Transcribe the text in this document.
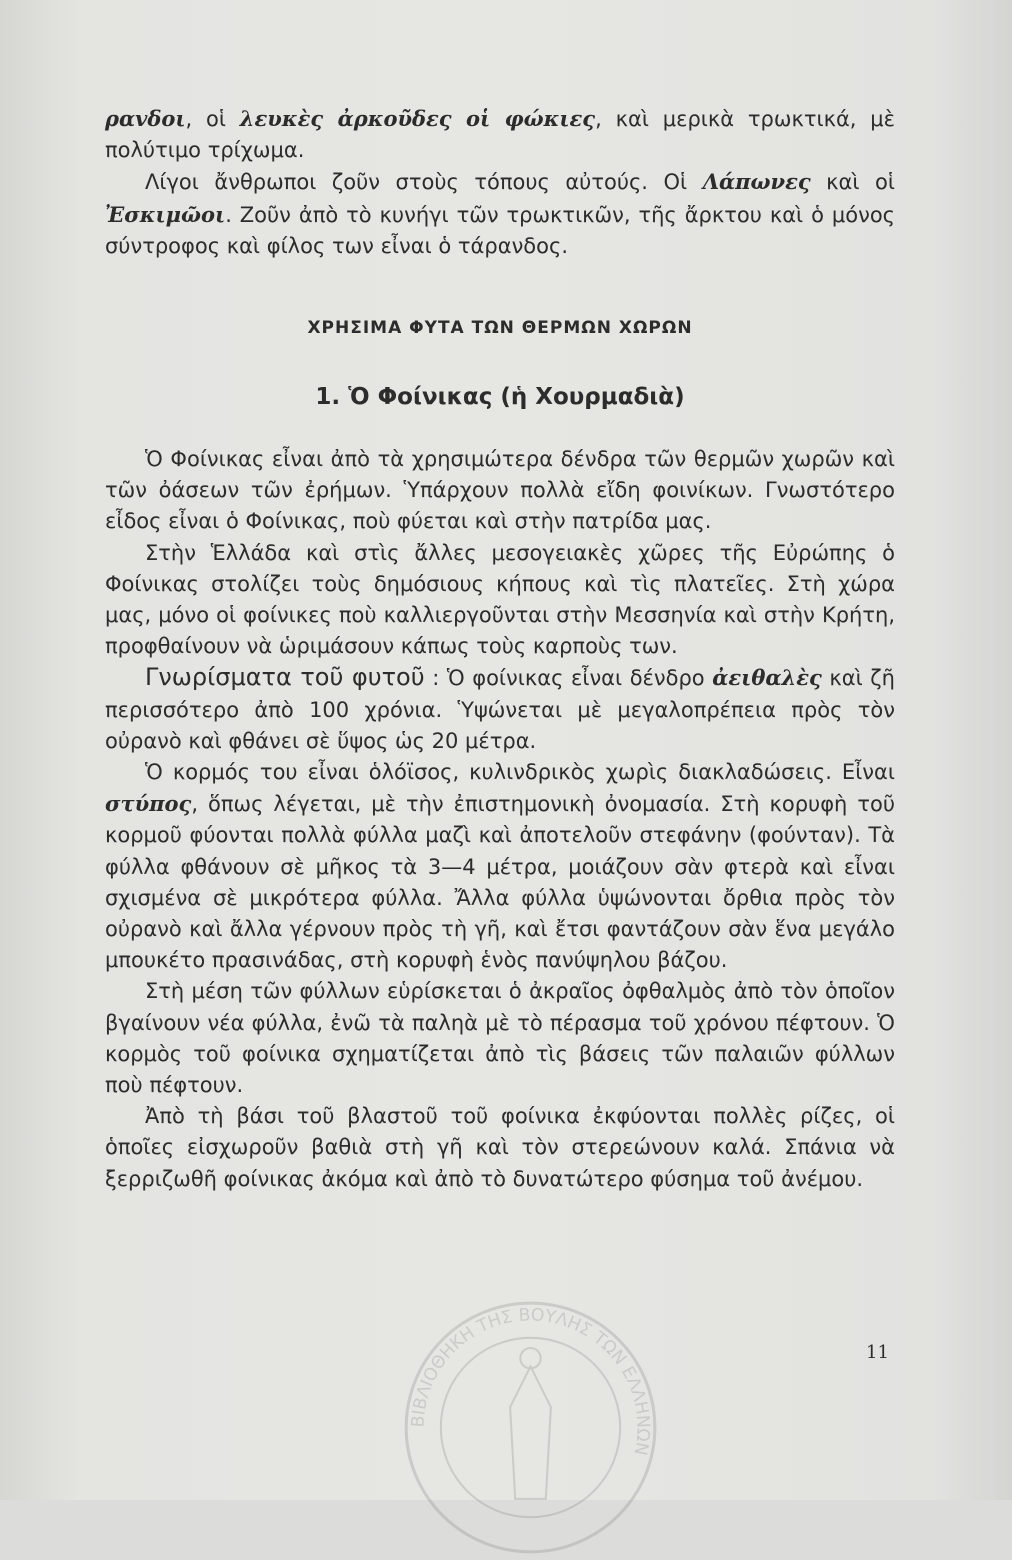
ραvδοι, οἱ λευκὲς ἀρκοῦδες οἱ φώκιες, καὶ μερικὰ τρωκτικά, μὲ πολύτιμο τρίχωμα.

Λίγοι ἄνθρωποι ζοῦν στοὺς τόπους αὐτούς. Οἱ Λάπωνες καὶ οἱ Ἐσκιμῶοι. Ζοῦν ἀπὸ τὸ κυνήγι τῶν τρωκτικῶν, τῆς ἄρκτου καὶ ὁ μόνος σύντροφος καὶ φίλος των εἶναι ὁ τάρανδος.

ΧΡΗΣΙΜΑ ΦΥΤΑ ΤΩΝ ΘΕΡΜΩΝ ΧΩΡΩΝ
1. Ὁ Φοίνικας (ἡ Χουρμαδιὰ)

Ὁ Φοίνικας εἶναι ἀπὸ τὰ χρησιμώτερα δένδρα τῶν θερμῶν χωρῶν καὶ τῶν ὀάσεων τῶν ἐρήμων. Ὑπάρχουν πολλὰ εἴδη φοινίκων. Γνωστότερο εἶδος εἶναι ὁ Φοίνικας, ποὺ φύεται καὶ στὴν πατρίδα μας.

Στὴν Ἑλλάδα καὶ στὶς ἄλλες μεσογειακὲς χῶρες τῆς Εὐρώπης ὁ Φοίνικας στολίζει τοὺς δημόσιους κήπους καὶ τὶς πλατεῖες. Στὴ χώρα μας, μόνο οἱ φοίνικες ποὺ καλλιεργοῦνται στὴν Μεσσηνία καὶ στὴν Κρήτη, προφθαίνουν νὰ ὡριμάσουν κάπως τοὺς καρποὺς των.

Γνωρίσματα τοῦ φυτοῦ : Ὁ φοίνικας εἶναι δένδρο ἀειθαλὲς καὶ ζῆ περισσότερο ἀπὸ 100 χρόνια. Ὑψώνεται μὲ μεγαλοπρέπεια πρὸς τὸν οὐρανὸ καὶ φθάνει σὲ ὕψος ὡς 20 μέτρα.

Ὁ κορμός του εἶναι ὁλόϊσος, κυλινδρικὸς χωρὶς διακλαδώσεις. Εἶναι στύπος, ὅπως λέγεται, μὲ τὴν ἐπιστημονικὴ ὀνομασία. Στὴ κορυφὴ τοῦ κορμοῦ φύονται πολλὰ φύλλα μαζὶ καὶ ἀποτελοῦν στεφάνην (φούνταν). Τὰ φύλλα φθάνουν σὲ μῆκος τὰ 3—4 μέτρα, μοιάζουν σὰν φτερὰ καὶ εἶναι σχισμένα σὲ μικρότερα φύλλα. Ἄλλα φύλλα ὑψώνονται ὄρθια πρὸς τὸν οὐρανὸ καὶ ἄλλα γέρνουν πρὸς τὴ γῆ, καὶ ἔτσι φαντάζουν σὰν ἕνα μεγάλο μπουκέτο πρασινάδας, στὴ κορυφὴ ἑνὸς πανύψηλου βάζου.

Στὴ μέση τῶν φύλλων εὑρίσκεται ὁ ἀκραῖος ὀφθαλμὸς ἀπὸ τὸν ὁποῖον βγαίνουν νέα φύλλα, ἐνῶ τὰ παληὰ μὲ τὸ πέρασμα τοῦ χρόνου πέφτουν. Ὁ κορμὸς τοῦ φοίνικα σχηματίζεται ἀπὸ τὶς βάσεις τῶν παλαιῶν φύλλων ποὺ πέφτουν.

Ἀπὸ τὴ βάσι τοῦ βλαστοῦ τοῦ φοίνικα ἐκφύονται πολλὲς ρίζες, οἱ ὁποῖες εἰσχωροῦν βαθιὰ στὴ γῆ καὶ τὸν στερεώνουν καλά. Σπάνια νὰ ξερριζωθῆ φοίνικας ἀκόμα καὶ ἀπὸ τὸ δυνατώτερο φύσημα τοῦ ἀνέμου.

ΒΙΒΛΙΟΘΗΚΗ ΤΗΣ ΒΟΥΛΗΣ ΤΩΝ ΕΛΛΗΝΩΝ
11
